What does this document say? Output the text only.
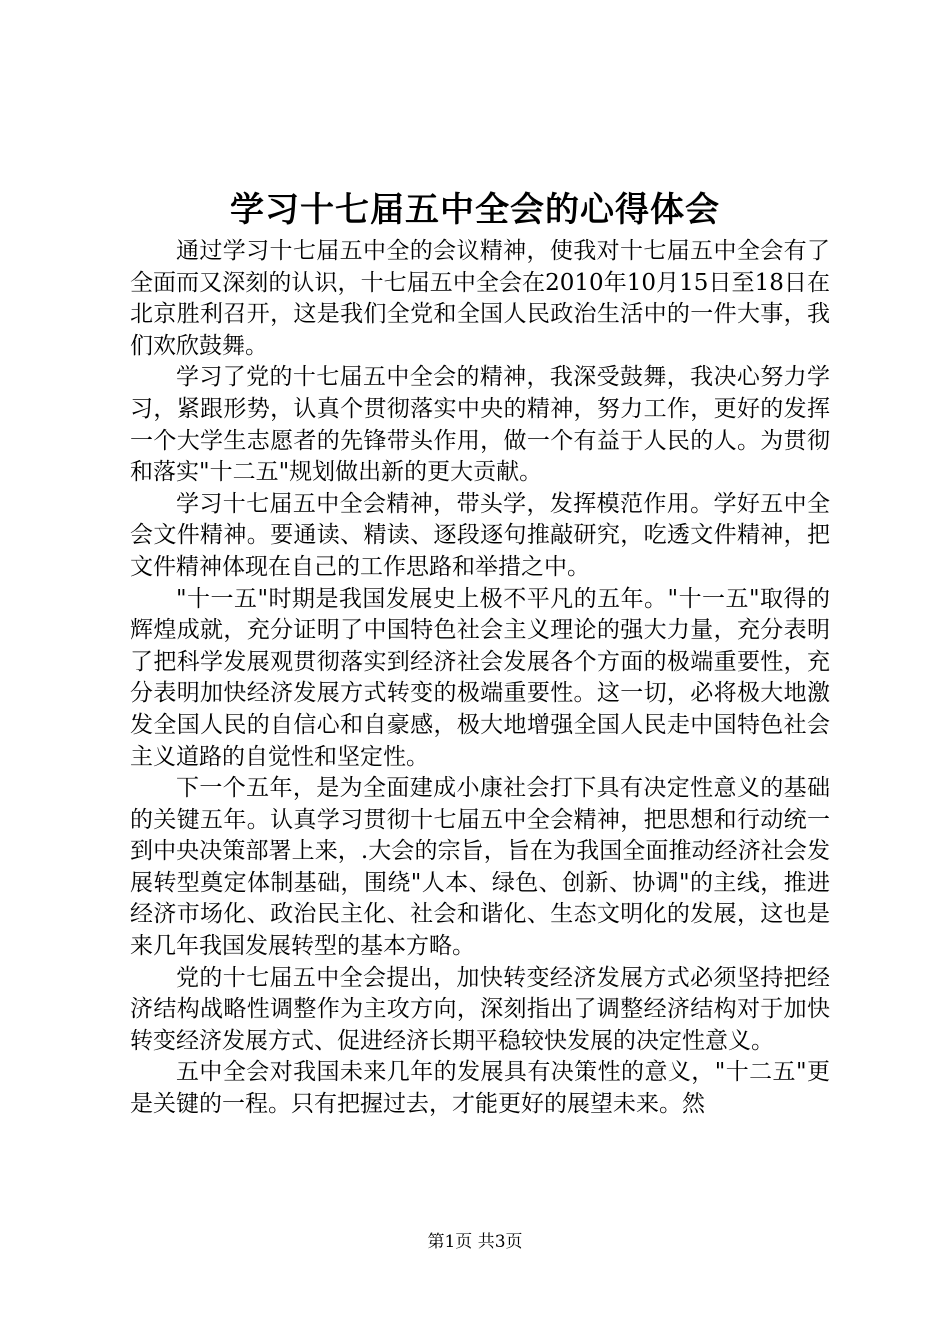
学习十七届五中全会的心得体会

通过学习十七届五中全的会议精神，使我对十七届五中全会有了全面而又深刻的认识，十七届五中全会在2010年10月15日至18日在北京胜利召开，这是我们全党和全国人民政治生活中的一件大事，我们欢欣鼓舞。

学习了党的十七届五中全会的精神，我深受鼓舞，我决心努力学习，紧跟形势，认真个贯彻落实中央的精神，努力工作，更好的发挥一个大学生志愿者的先锋带头作用，做一个有益于人民的人。为贯彻和落实"十二五"规划做出新的更大贡献。

学习十七届五中全会精神，带头学，发挥模范作用。学好五中全会文件精神。要通读、精读、逐段逐句推敲研究，吃透文件精神，把文件精神体现在自己的工作思路和举措之中。

"十一五"时期是我国发展史上极不平凡的五年。"十一五"取得的辉煌成就，充分证明了中国特色社会主义理论的强大力量，充分表明了把科学发展观贯彻落实到经济社会发展各个方面的极端重要性，充分表明加快经济发展方式转变的极端重要性。这一切，必将极大地激发全国人民的自信心和自豪感，极大地增强全国人民走中国特色社会主义道路的自觉性和坚定性。

下一个五年，是为全面建成小康社会打下具有决定性意义的基础的关键五年。认真学习贯彻十七届五中全会精神，把思想和行动统一到中央决策部署上来，.大会的宗旨，旨在为我国全面推动经济社会发展转型奠定体制基础，围绕"人本、绿色、创新、协调"的主线，推进经济市场化、政治民主化、社会和谐化、生态文明化的发展，这也是来几年我国发展转型的基本方略。

党的十七届五中全会提出，加快转变经济发展方式必须坚持把经济结构战略性调整作为主攻方向，深刻指出了调整经济结构对于加快转变经济发展方式、促进经济长期平稳较快发展的决定性意义。

五中全会对我国未来几年的发展具有决策性的意义，"十二五"更是关键的一程。只有把握过去，才能更好的展望未来。然

第1页 共3页
